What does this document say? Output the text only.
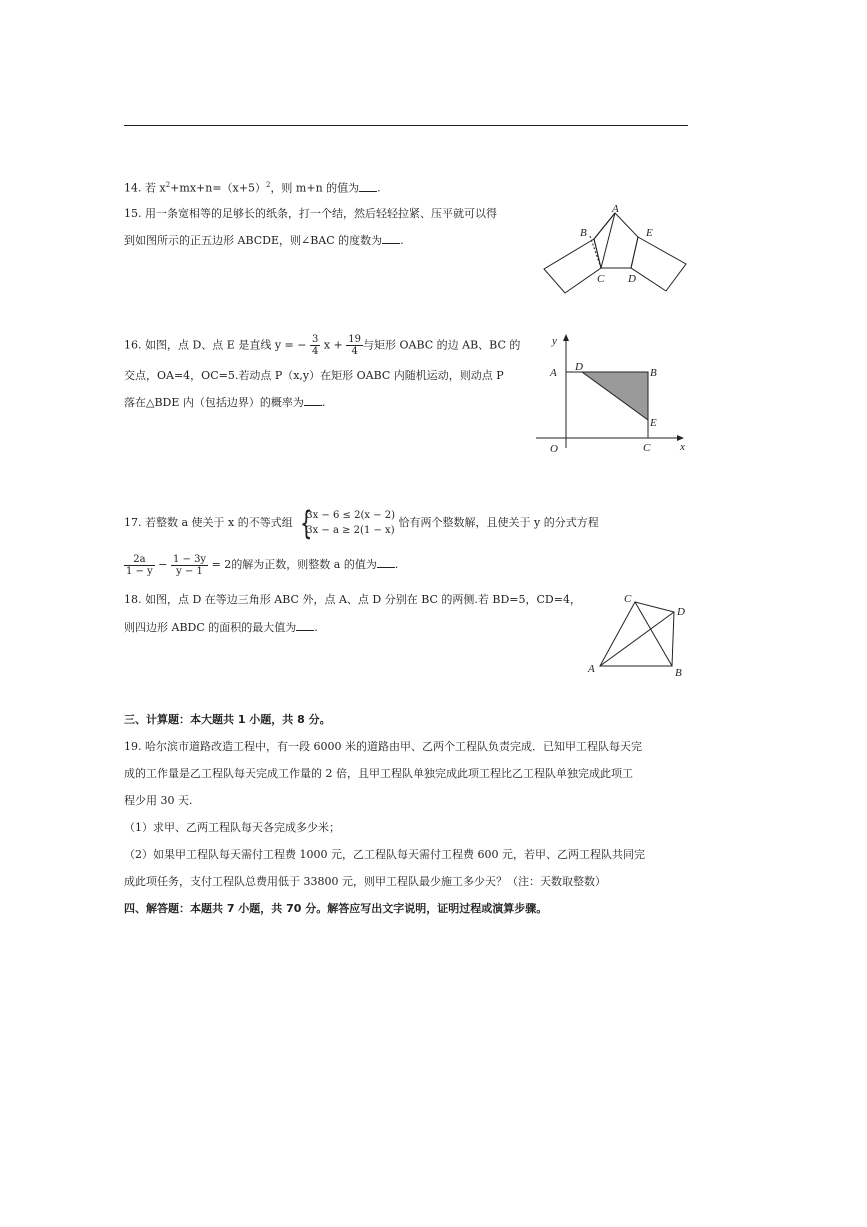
14. 若 $x^2+mx+n=(x+5)^2$，则 m+n 的值为 .
15. 用一条宽相等的足够长的纸条，打一个结，然后轻轻拉紧、压平就可以得
到如图所示的正五边形 ABCDE，则∠BAC 的度数为 .
A
B
C D
E
16. 如图，点 D、点 E 是直线 y = − $\frac{3}{4}$ $x + \frac{19}{4}$ 与矩形 OABC 的边 AB、BC 的
交点，OA=4，OC=5.若动点 P（x,y）在矩形 OABC 内随机运动，则动点 P
落在△BDE 内（包括边界）的概率为 .
y
x
A	B
C
D
E
O
17. 若整数 a 使关于 x 的不等式组 {
3x − 6 ≤ 2(x − 2)
3x − a ≥ 2(1 − x)
恰有两个整数解，且使关于 y 的分式方程
$\frac{2a}{1 - y} - \frac{1 - 3y}{y - 1} = 2$的解为正数，则整数 a 的值为 .
18. 如图，点 D 在等边三角形 ABC 外，点 A、点 D 分别在 BC 的两侧.若 BD=5，CD=4，
则四边形 ABDC 的面积的最大值为 .
A	B
C
D
三、计算题：本大题共 1 小题，共 8 分。
19. 哈尔滨市道路改造工程中，有一段 6000 米的道路由甲、乙两个工程队负责完成．已知甲工程队每天完
成的工作量是乙工程队每天完成工作量的 2 倍，且甲工程队单独完成此项工程比乙工程队单独完成此项工
程少用 30 天.
（1）求甲、乙两工程队每天各完成多少米；
（2）如果甲工程队每天需付工程费 1000 元，乙工程队每天需付工程费 600 元，若甲、乙两工程队共同完
成此项任务，支付工程队总费用低于 33800 元，则甲工程队最少施工多少天？（注：天数取整数）
四、解答题：本题共 7 小题，共 70 分。解答应写出文字说明，证明过程或演算步骤。
